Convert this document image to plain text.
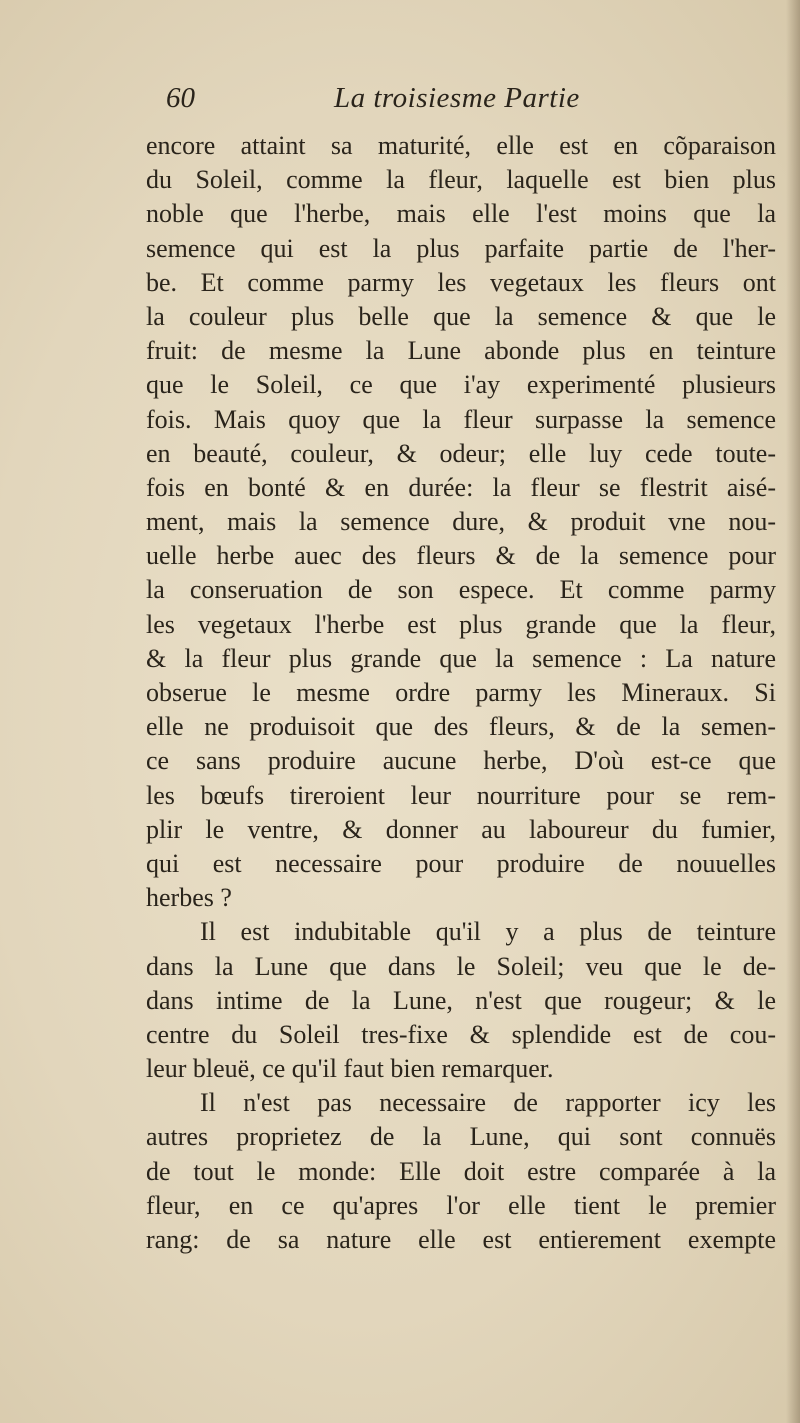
60	La troisiesme Partie
encore attaint sa maturité, elle est en cõparaison
du Soleil, comme la fleur, laquelle est bien plus
noble que l'herbe, mais elle l'est moins que la
semence qui est la plus parfaite partie de l'her-
be. Et comme parmy les vegetaux les fleurs ont
la couleur plus belle que la semence & que le
fruit: de mesme la Lune abonde plus en teinture
que le Soleil, ce que i'ay experimenté plusieurs
fois. Mais quoy que la fleur surpasse la semence
en beauté, couleur, & odeur; elle luy cede toute-
fois en bonté & en durée: la fleur se flestrit aisé-
ment, mais la semence dure, & produit vne nou-
uelle herbe auec des fleurs & de la semence pour
la conseruation de son espece. Et comme parmy
les vegetaux l'herbe est plus grande que la fleur,
& la fleur plus grande que la semence : La nature
obserue le mesme ordre parmy les Mineraux. Si
elle ne produisoit que des fleurs, & de la semen-
ce sans produire aucune herbe, D'où est-ce que
les bœufs tireroient leur nourriture pour se rem-
plir le ventre, & donner au laboureur du fumier,
qui est necessaire pour produire de nouuelles
herbes ?
Il est indubitable qu'il y a plus de teinture
dans la Lune que dans le Soleil; veu que le de-
dans intime de la Lune, n'est que rougeur; & le
centre du Soleil tres-fixe & splendide est de cou-
leur bleuë, ce qu'il faut bien remarquer.
Il n'est pas necessaire de rapporter icy les
autres proprietez de la Lune, qui sont connuës
de tout le monde: Elle doit estre comparée à la
fleur, en ce qu'apres l'or elle tient le premier
rang: de sa nature elle est entierement exempte
